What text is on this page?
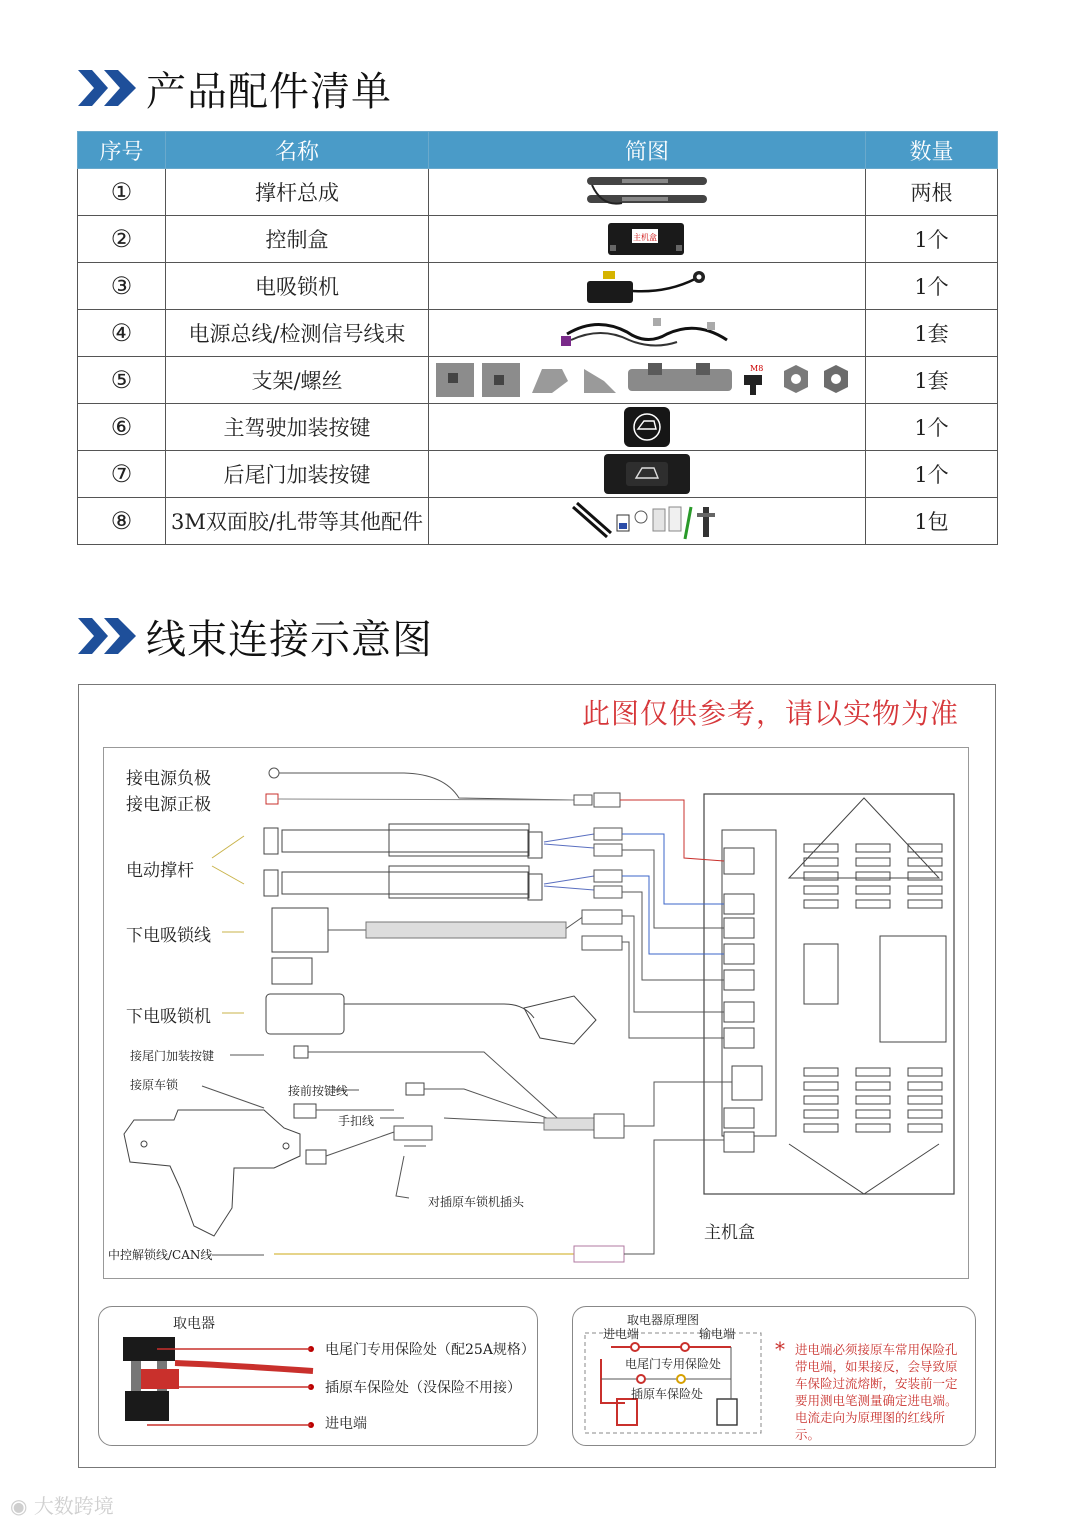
产品配件清单
序号	名称	简图	数量
①	撑杆总成		两根
②	控制盒	主机盒	1个
③	电吸锁机		1个
④	电源总线/检测信号线束		1套
⑤	支架/螺丝	M8	1套
⑥	主驾驶加装按键		1个
⑦	后尾门加装按键		1个
⑧	3M双面胶/扎带等其他配件		1包
线束连接示意图
此图仅供参考，请以实物为准
接电源负极
接电源正极
电动撑杆
下电吸锁线
下电吸锁机
接尾门加装按键
接原车锁	接前按键线
手扣线
对插原车锁机插头
中控解锁线/CAN线
主机盒
取电器
电尾门专用保险处（配25A规格）
插原车保险处（没保险不用接）
进电端
取电器原理图
进电端	输电端
电尾门专用保险处
插原车保险处
* 进电端必须接原车常用保险孔带电端，如果接反，会导致原车保险过流熔断，安装前一定要用测电笔测量确定进电端。电流走向为原理图的红线所示。
◉ 大数跨境
